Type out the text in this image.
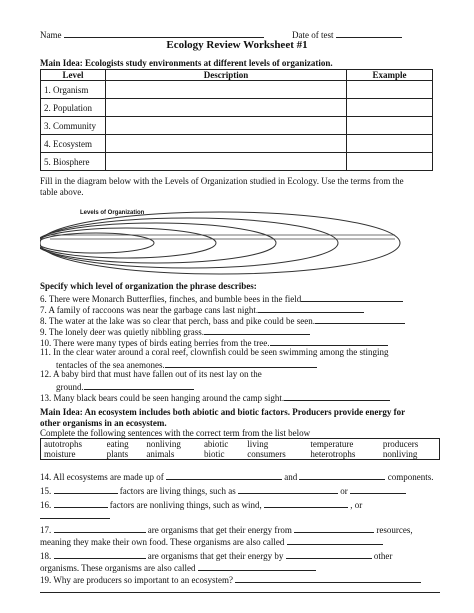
Name	Date of test
Ecology Review Worksheet #1
Main Idea: Ecologists study environments at different levels of organization.
Level	Description	Example
1. Organism		
2. Population		
3. Community		
4. Ecosystem		
5. Biosphere		
Fill in the diagram below with the Levels of Organization studied in Ecology. Use the terms from the
table above.
Levels of Organization
Specify which level of organization the phrase describes:
6. There were Monarch Butterflies, finches, and bumble bees in the field
7. A family of raccoons was near the garbage cans last night.
8. The water at the lake was so clear that perch, bass and pike could be seen.
9. The lonely deer was quietly nibbling grass.
10. There were many types of birds eating berries from the tree.
11. In the clear water around a coral reef, clownfish could be seen swimming among the stinging
tentacles of the sea anemones.
12. A baby bird that must have fallen out of its nest lay on the
ground.
13. Many black bears could be seen hanging around the camp sight.
Main Idea: An ecosystem includes both abiotic and biotic factors. Producers provide energy for
other organisms in an ecosystem.
Complete the following sentences with the correct term from the list below
autotrophs	eating	nonliving	abiotic	living	temperature	producers
moisture	plants	animals	biotic	consumers	heterotrophs	nonliving
14. All ecosystems are made up of	and	components.
15.	factors are living things, such as	or
16.	factors are nonliving things, such as wind,	, or
17.	are organisms that get their energy from	resources,
meaning they make their own food. These organisms are also called
18.	are organisms that get their energy by	other
organisms. These organisms are also called
19. Why are producers so important to an ecosystem?
